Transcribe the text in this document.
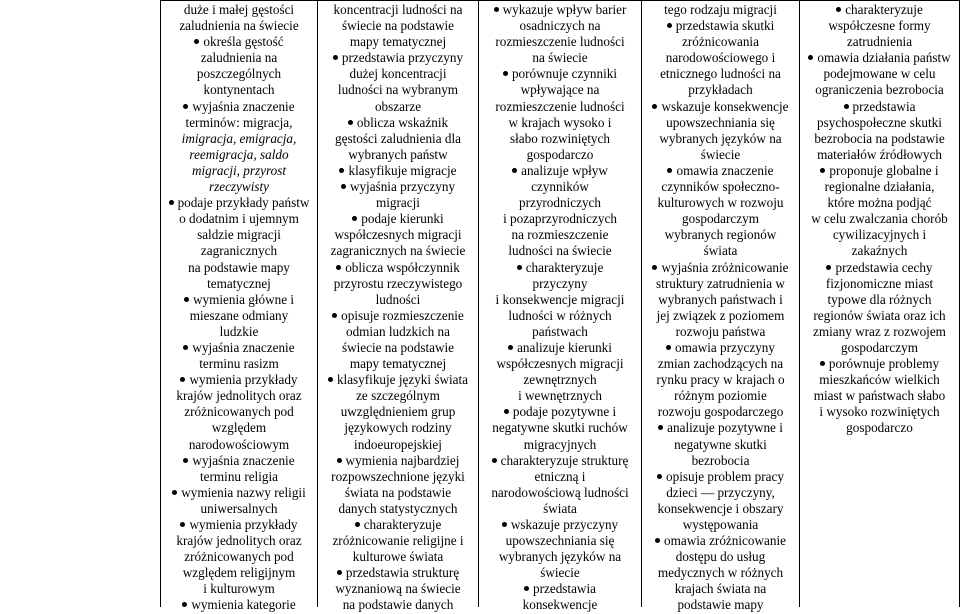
duże i małej gęstości
zaludnienia na świecie
określa gęstość
zaludnienia na
poszczególnych
kontynentach
wyjaśnia znaczenie
terminów: migracja,
imigracja, emigracja,
reemigracja, saldo
migracji, przyrost
rzeczywisty
podaje przykłady państw
o dodatnim i ujemnym
saldzie migracji
zagranicznych
na podstawie mapy
tematycznej
wymienia główne i
mieszane odmiany
ludzkie
wyjaśnia znaczenie
terminu rasizm
wymienia przykłady
krajów jednolitych oraz
zróżnicowanych pod
względem
narodowościowym
wyjaśnia znaczenie
terminu religia
wymienia nazwy religii
uniwersalnych
wymienia przykłady
krajów jednolitych oraz
zróżnicowanych pod
względem religijnym
i kulturowym
wymienia kategorie
koncentracji ludności na
świecie na podstawie
mapy tematycznej
przedstawia przyczyny
dużej koncentracji
ludności na wybranym
obszarze
oblicza wskaźnik
gęstości zaludnienia dla
wybranych państw
klasyfikuje migracje
wyjaśnia przyczyny
migracji
podaje kierunki
współczesnych migracji
zagranicznych na świecie
oblicza współczynnik
przyrostu rzeczywistego
ludności
opisuje rozmieszczenie
odmian ludzkich na
świecie na podstawie
mapy tematycznej
klasyfikuje języki świata
ze szczególnym
uwzględnieniem grup
językowych rodziny
indoeuropejskiej
wymienia najbardziej
rozpowszechnione języki
świata na podstawie
danych statystycznych
charakteryzuje
zróżnicowanie religijne i
kulturowe świata
przedstawia strukturę
wyznaniową na świecie
na podstawie danych
wykazuje wpływ barier
osadniczych na
rozmieszczenie ludności
na świecie
porównuje czynniki
wpływające na
rozmieszczenie ludności
w krajach wysoko i
słabo rozwiniętych
gospodarczo
analizuje wpływ
czynników
przyrodniczych
i pozaprzyrodniczych
na rozmieszczenie
ludności na świecie
charakteryzuje
przyczyny
i konsekwencje migracji
ludności w różnych
państwach
analizuje kierunki
współczesnych migracji
zewnętrznych
i wewnętrznych
podaje pozytywne i
negatywne skutki ruchów
migracyjnych
charakteryzuje strukturę
etniczną i
narodowościową ludności
świata
wskazuje przyczyny
upowszechniania się
wybranych języków na
świecie
przedstawia
konsekwencje
tego rodzaju migracji
przedstawia skutki
zróżnicowania
narodowościowego i
etnicznego ludności na
przykładach
wskazuje konsekwencje
upowszechniania się
wybranych języków na
świecie
omawia znaczenie
czynników społeczno-
kulturowych w rozwoju
gospodarczym
wybranych regionów
świata
wyjaśnia zróżnicowanie
struktury zatrudnienia w
wybranych państwach i
jej związek z poziomem
rozwoju państwa
omawia przyczyny
zmian zachodzących na
rynku pracy w krajach o
różnym poziomie
rozwoju gospodarczego
analizuje pozytywne i
negatywne skutki
bezrobocia
opisuje problem pracy
dzieci — przyczyny,
konsekwencje i obszary
występowania
omawia zróżnicowanie
dostępu do usług
medycznych w różnych
krajach świata na
podstawie mapy
charakteryzuje
współczesne formy
zatrudnienia
omawia działania państw
podejmowane w celu
ograniczenia bezrobocia
przedstawia
psychospołeczne skutki
bezrobocia na podstawie
materiałów źródłowych
proponuje globalne i
regionalne działania,
które można podjąć
w celu zwalczania chorób
cywilizacyjnych i
zakaźnych
przedstawia cechy
fizjonomiczne miast
typowe dla różnych
regionów świata oraz ich
zmiany wraz z rozwojem
gospodarczym
porównuje problemy
mieszkańców wielkich
miast w państwach słabo
i wysoko rozwiniętych
gospodarczo
